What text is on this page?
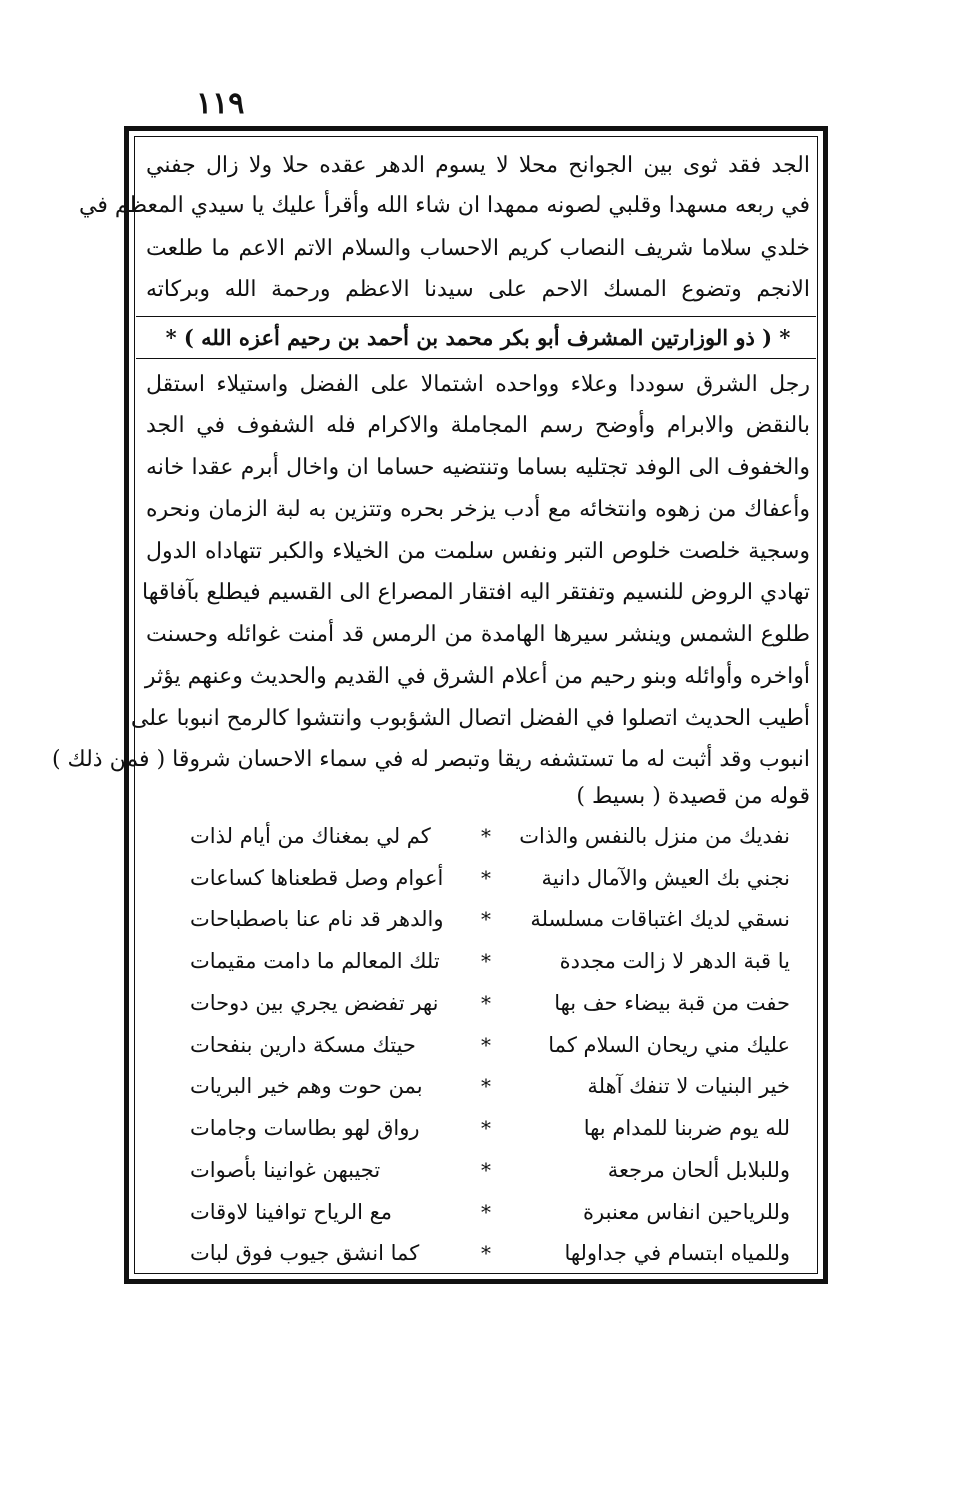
١١٩
الجد فقد ثوى بين الجوانح محلا لا يسوم الدهر عقده حلا ولا زال جفني
في ربعه مسهدا وقلبي لصونه ممهدا ان شاء الله وأقرأ عليك يا سيدي المعظم في
خلدي سلاما شريف النصاب كريم الاحساب والسلام الاتم الاعم ما طلعت
الانجم وتضوع المسك الاحم على سيدنا الاعظم ورحمة الله وبركاته
* ( ذو الوزارتين المشرف أبو بكر محمد بن أحمد بن رحيم أعزه الله ) *
رجل الشرق سوددا وعلاء وواحده اشتمالا على الفضل واستيلاء استقل
بالنقض والابرام وأوضح رسم المجاملة والاكرام فله الشفوف في الجد
والخفوف الى الوفد تجتليه بساما وتنتضيه حساما ان واخال أبرم عقدا خانه
وأعفاك من زهوه وانتخائه مع أدب يزخر بحره وتتزين به لبة الزمان ونحره
وسجية خلصت خلوص التبر ونفس سلمت من الخيلاء والكبر تتهاداه الدول
تهادي الروض للنسيم وتفتقر اليه افتقار المصراع الى القسيم فيطلع بآفاقها
طلوع الشمس وينشر سيرها الهامدة من الرمس قد أمنت غوائله وحسنت
أواخره وأوائله وبنو رحيم من أعلام الشرق في القديم والحديث وعنهم يؤثر
أطيب الحديث اتصلوا في الفضل اتصال الشؤبوب وانتشوا كالرمح انبوبا على
انبوب وقد أثبت له ما تستشفه ريقا وتبصر له في سماء الاحسان شروقا ( فمن ذلك )
قوله من قصيدة ( بسيط )
نفديك من منزل بالنفس والذات
*
كم لي بمغناك من أيام لذات
نجني بك العيش والآمال دانية
*
أعوام وصل قطعناها كساعات
نسقي لديك اغتباقات مسلسلة
*
والدهر قد نام عنا باصطباحات
يا قبة الدهر لا زالت مجددة
*
تلك المعالم ما دامت مقيمات
حفت من قبة بيضاء حف بها
*
نهر تفضض يجري بين دوحات
عليك مني ريحان السلام كما
*
حيتك مسكة دارين بنفحات
خير البنيات لا تنفك آهلة
*
بمن حوت وهم خير البريات
لله يوم ضربنا للمدام بها
*
رواق لهو بطاسات وجامات
وللبلابل ألحان مرجعة
*
تجيبهن غوانينا بأصوات
وللرياحين انفاس معنبرة
*
مع الرياح توافينا لاوقات
وللمياه ابتسام في جداولها
*
كما انشق جيوب فوق لبات
